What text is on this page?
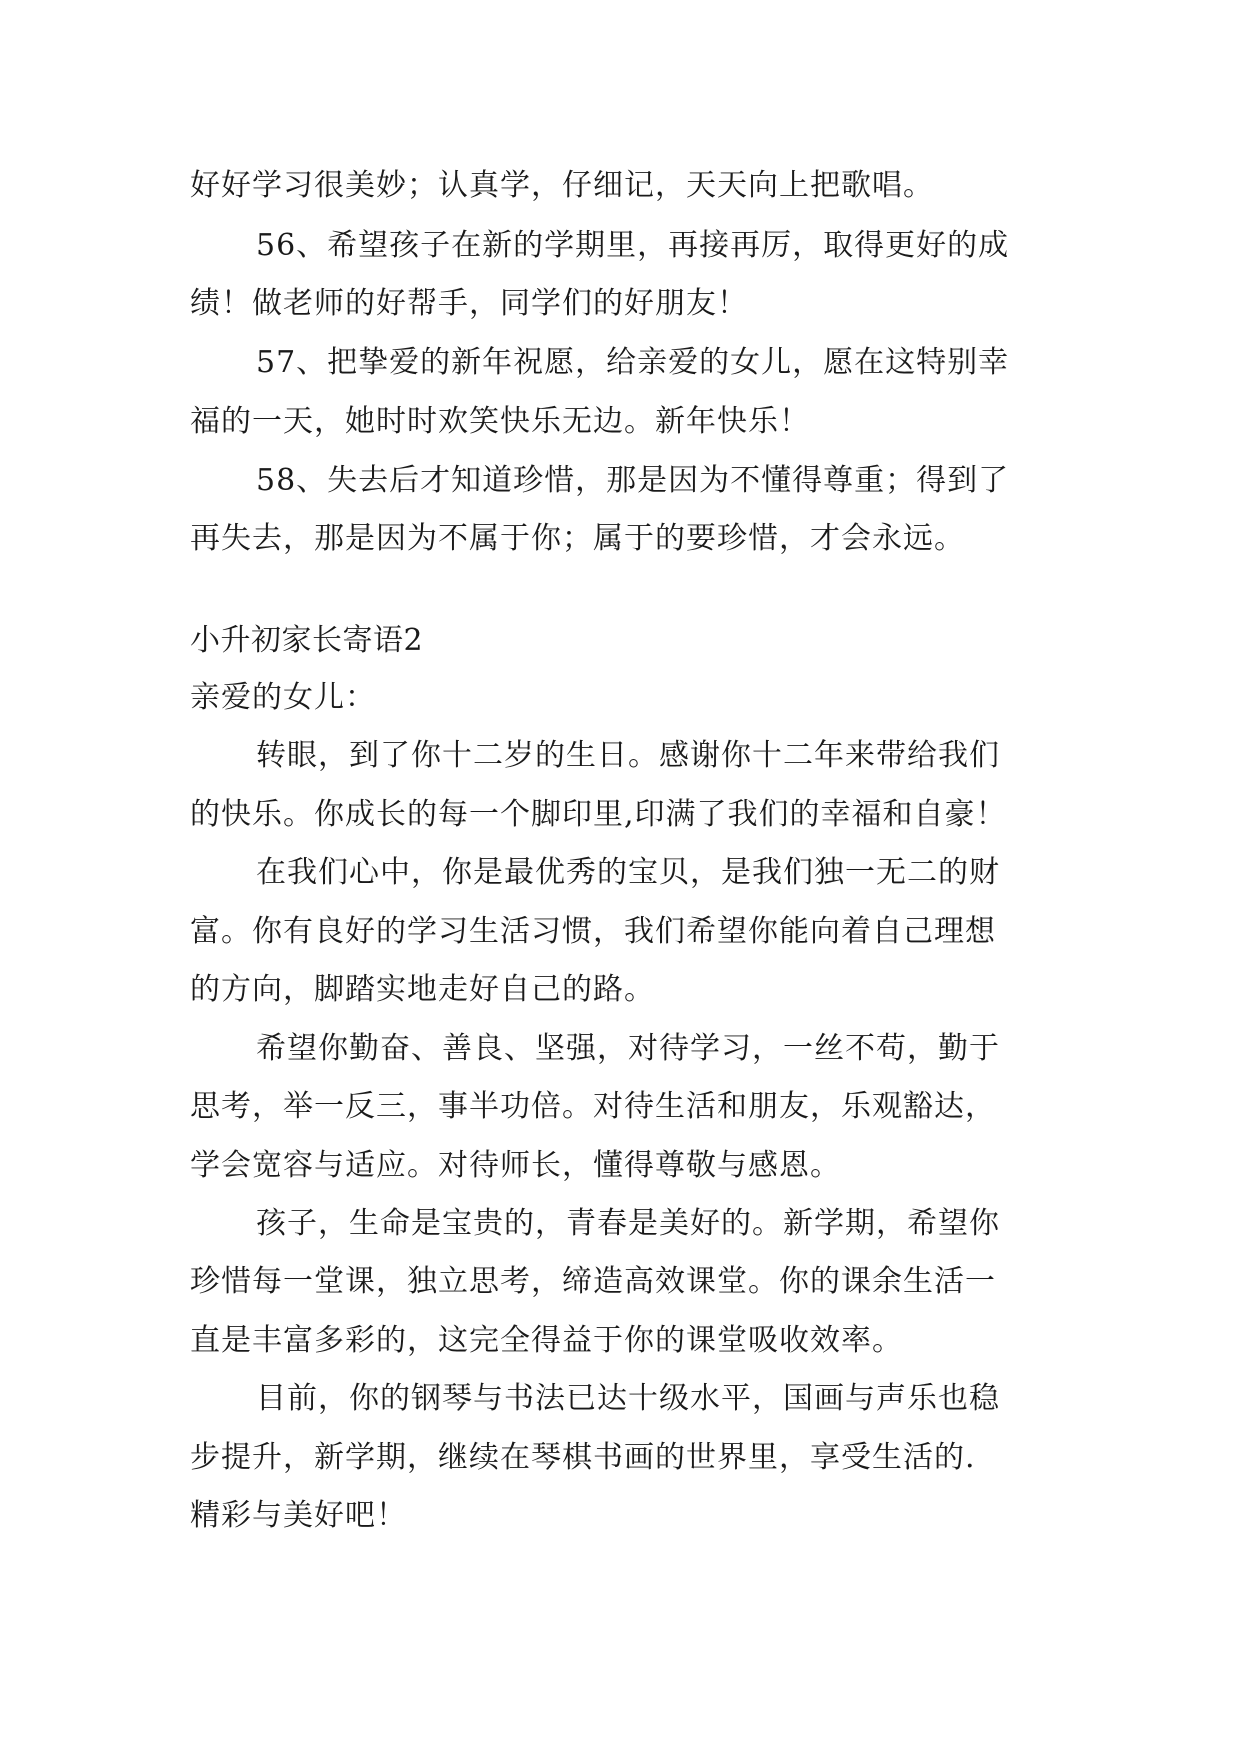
好好学习很美妙；认真学，仔细记，天天向上把歌唱。
56、希望孩子在新的学期里，再接再厉，取得更好的成
绩！做老师的好帮手，同学们的好朋友！
57、把挚爱的新年祝愿，给亲爱的女儿，愿在这特别幸
福的一天，她时时欢笑快乐无边。新年快乐！
58、失去后才知道珍惜，那是因为不懂得尊重；得到了
再失去，那是因为不属于你；属于的要珍惜，才会永远。
小升初家长寄语2
亲爱的女儿：
转眼，到了你十二岁的生日。感谢你十二年来带给我们
的快乐。你成长的每一个脚印里,印满了我们的幸福和自豪！
在我们心中，你是最优秀的宝贝，是我们独一无二的财
富。你有良好的学习生活习惯，我们希望你能向着自己理想
的方向，脚踏实地走好自己的路。
希望你勤奋、善良、坚强，对待学习，一丝不苟，勤于
思考，举一反三，事半功倍。对待生活和朋友，乐观豁达，
学会宽容与适应。对待师长，懂得尊敬与感恩。
孩子，生命是宝贵的，青春是美好的。新学期，希望你
珍惜每一堂课，独立思考，缔造高效课堂。你的课余生活一
直是丰富多彩的，这完全得益于你的课堂吸收效率。
目前，你的钢琴与书法已达十级水平，国画与声乐也稳
步提升，新学期，继续在琴棋书画的世界里，享受生活的.
精彩与美好吧！
